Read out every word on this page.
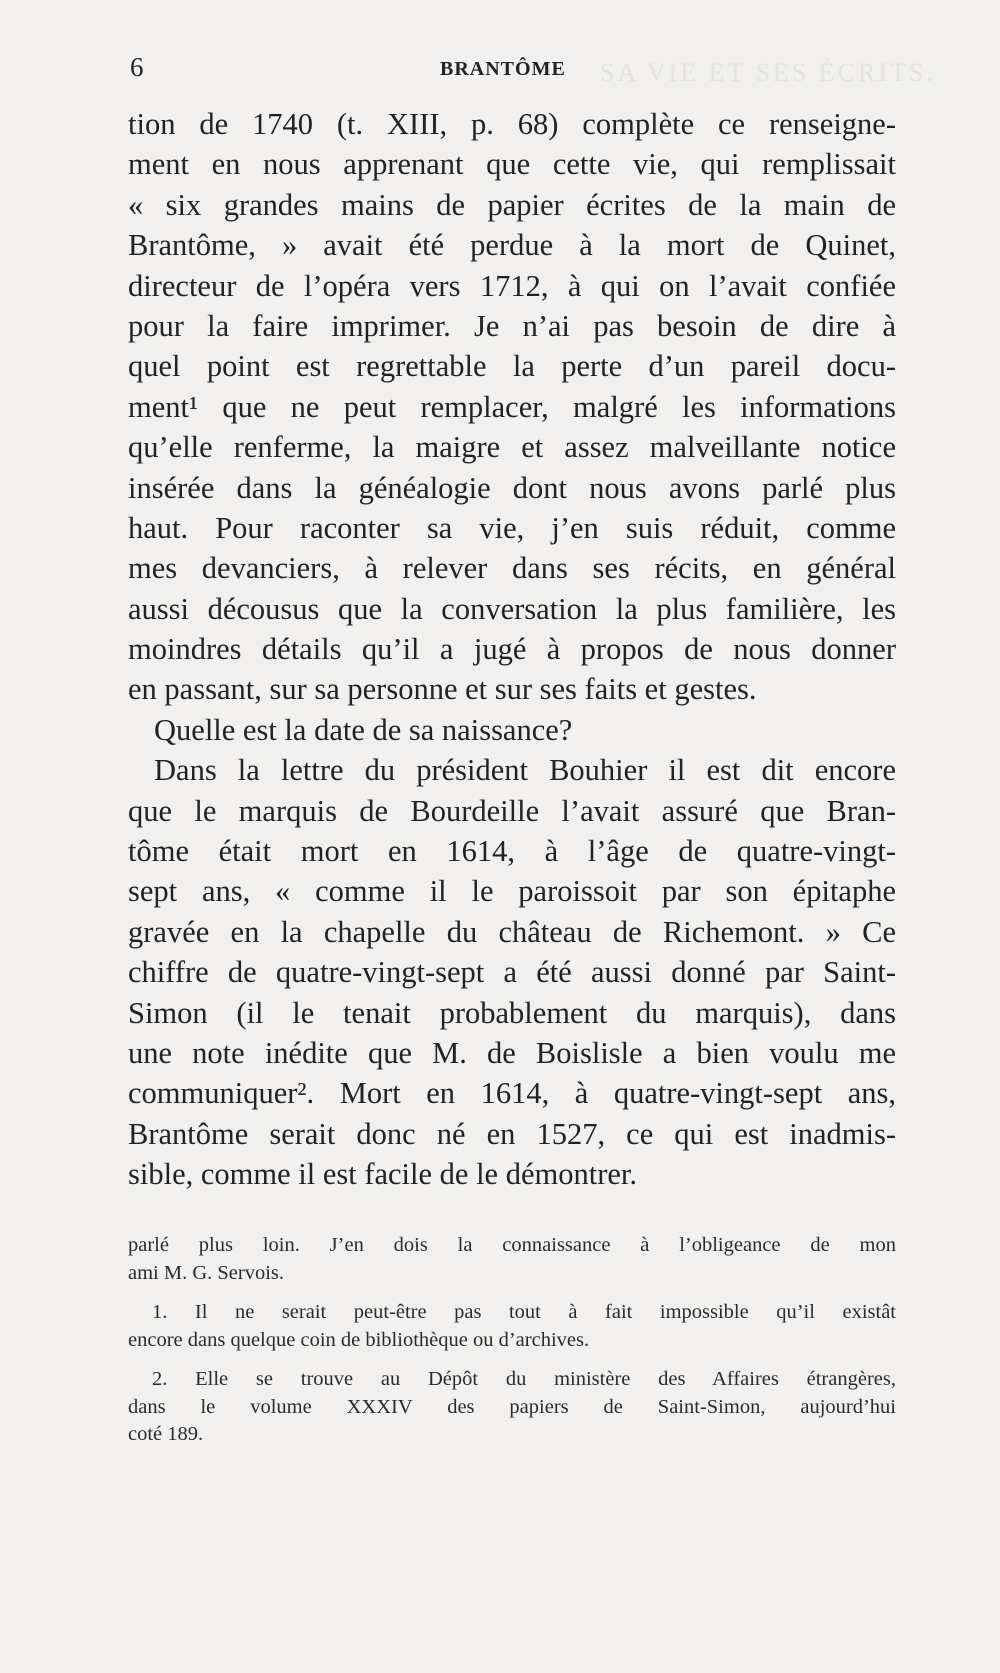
SA VIE ET SES ÉCRITS.
6	BRANTÔME
tion de 1740 (t. XIII, p. 68) complète ce renseigne-
ment en nous apprenant que cette vie, qui remplissait
« six grandes mains de papier écrites de la main de
Brantôme, » avait été perdue à la mort de Quinet,
directeur de l’opéra vers 1712, à qui on l’avait confiée
pour la faire imprimer. Je n’ai pas besoin de dire à
quel point est regrettable la perte d’un pareil docu-
ment¹ que ne peut remplacer, malgré les informations
qu’elle renferme, la maigre et assez malveillante notice
insérée dans la généalogie dont nous avons parlé plus
haut. Pour raconter sa vie, j’en suis réduit, comme
mes devanciers, à relever dans ses récits, en général
aussi décousus que la conversation la plus familière, les
moindres détails qu’il a jugé à propos de nous donner
en passant, sur sa personne et sur ses faits et gestes.
Quelle est la date de sa naissance?
Dans la lettre du président Bouhier il est dit encore
que le marquis de Bourdeille l’avait assuré que Bran-
tôme était mort en 1614, à l’âge de quatre-vingt-
sept ans, « comme il le paroissoit par son épitaphe
gravée en la chapelle du château de Richemont. » Ce
chiffre de quatre-vingt-sept a été aussi donné par Saint-
Simon (il le tenait probablement du marquis), dans
une note inédite que M. de Boislisle a bien voulu me
communiquer². Mort en 1614, à quatre-vingt-sept ans,
Brantôme serait donc né en 1527, ce qui est inadmis-
sible, comme il est facile de le démontrer.
parlé plus loin. J’en dois la connaissance à l’obligeance de mon
ami M. G. Servois.
1. Il ne serait peut-être pas tout à fait impossible qu’il existât
encore dans quelque coin de bibliothèque ou d’archives.
2. Elle se trouve au Dépôt du ministère des Affaires étrangères,
dans le volume XXXIV des papiers de Saint-Simon, aujourd’hui
coté 189.
